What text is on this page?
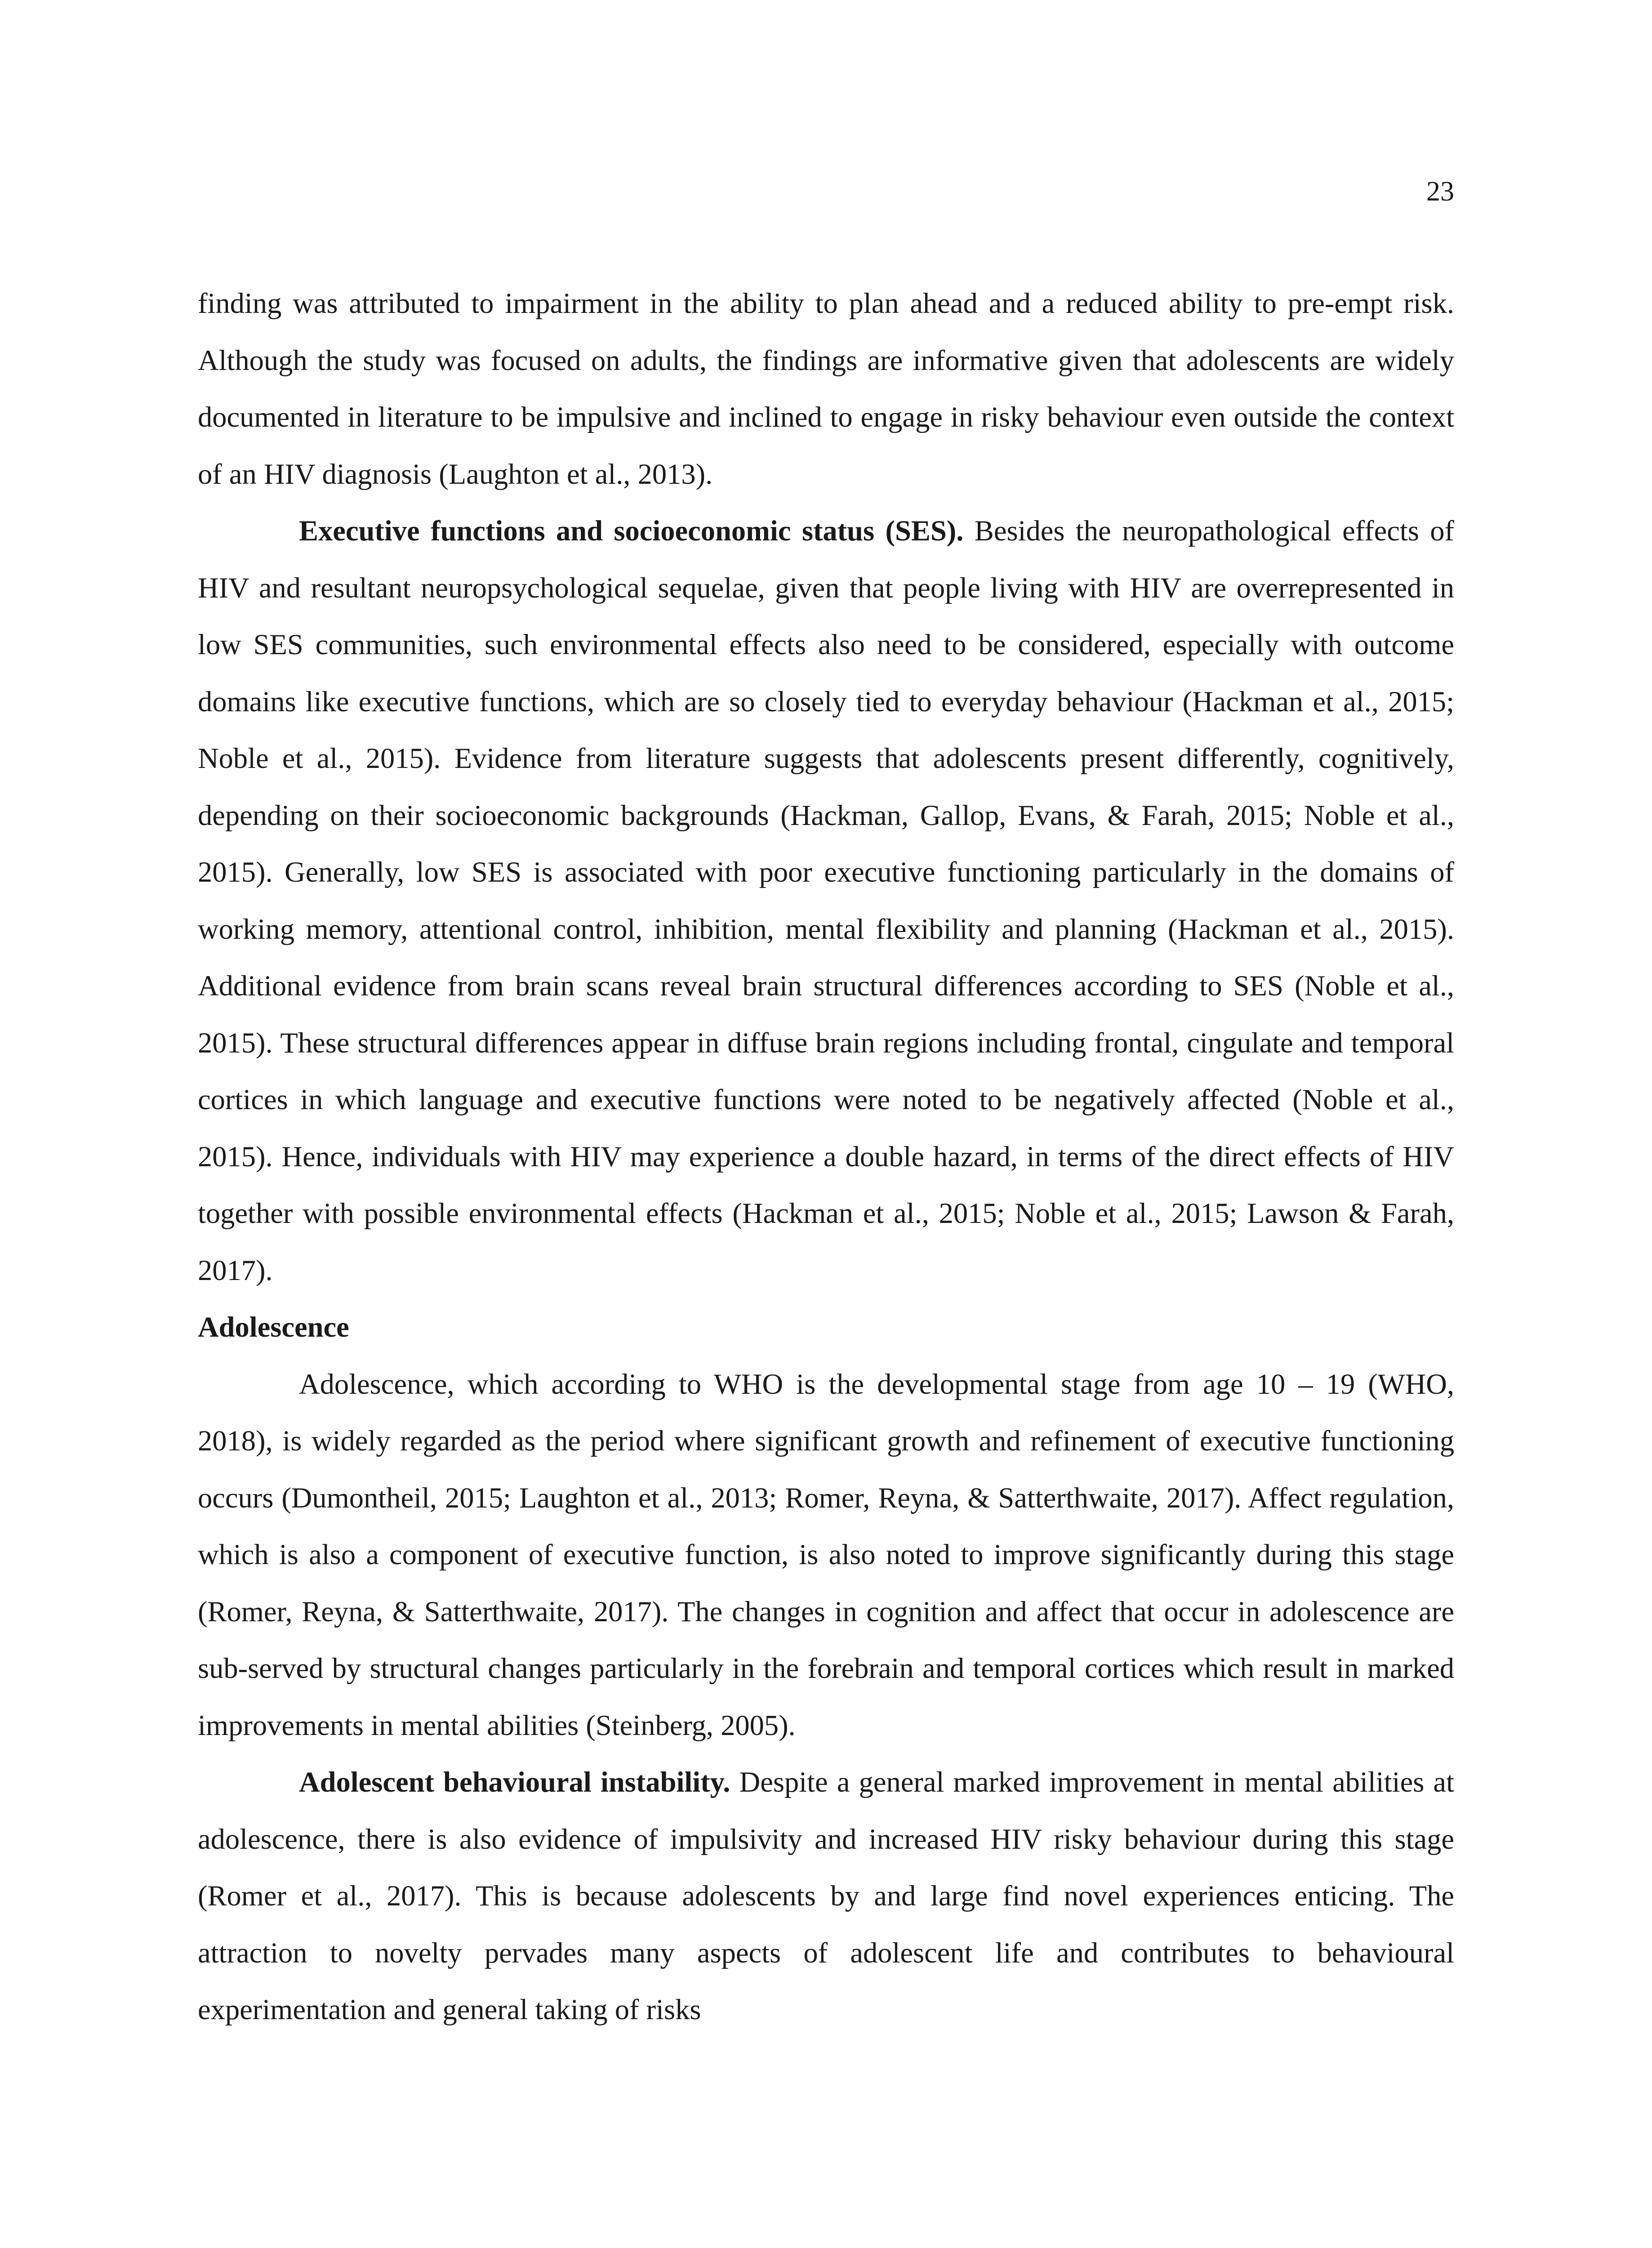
23

finding was attributed to impairment in the ability to plan ahead and a reduced ability to pre-empt risk. Although the study was focused on adults, the findings are informative given that adolescents are widely documented in literature to be impulsive and inclined to engage in risky behaviour even outside the context of an HIV diagnosis (Laughton et al., 2013).

Executive functions and socioeconomic status (SES). Besides the neuropathological effects of HIV and resultant neuropsychological sequelae, given that people living with HIV are overrepresented in low SES communities, such environmental effects also need to be considered, especially with outcome domains like executive functions, which are so closely tied to everyday behaviour (Hackman et al., 2015; Noble et al., 2015). Evidence from literature suggests that adolescents present differently, cognitively, depending on their socioeconomic backgrounds (Hackman, Gallop, Evans, & Farah, 2015; Noble et al., 2015). Generally, low SES is associated with poor executive functioning particularly in the domains of working memory, attentional control, inhibition, mental flexibility and planning (Hackman et al., 2015). Additional evidence from brain scans reveal brain structural differences according to SES (Noble et al., 2015). These structural differences appear in diffuse brain regions including frontal, cingulate and temporal cortices in which language and executive functions were noted to be negatively affected (Noble et al., 2015). Hence, individuals with HIV may experience a double hazard, in terms of the direct effects of HIV together with possible environmental effects (Hackman et al., 2015; Noble et al., 2015; Lawson & Farah, 2017).

Adolescence

Adolescence, which according to WHO is the developmental stage from age 10 – 19 (WHO, 2018), is widely regarded as the period where significant growth and refinement of executive functioning occurs (Dumontheil, 2015; Laughton et al., 2013; Romer, Reyna, & Satterthwaite, 2017). Affect regulation, which is also a component of executive function, is also noted to improve significantly during this stage (Romer, Reyna, & Satterthwaite, 2017). The changes in cognition and affect that occur in adolescence are sub-served by structural changes particularly in the forebrain and temporal cortices which result in marked improvements in mental abilities (Steinberg, 2005).

Adolescent behavioural instability. Despite a general marked improvement in mental abilities at adolescence, there is also evidence of impulsivity and increased HIV risky behaviour during this stage (Romer et al., 2017). This is because adolescents by and large find novel experiences enticing. The attraction to novelty pervades many aspects of adolescent life and contributes to behavioural experimentation and general taking of risks
